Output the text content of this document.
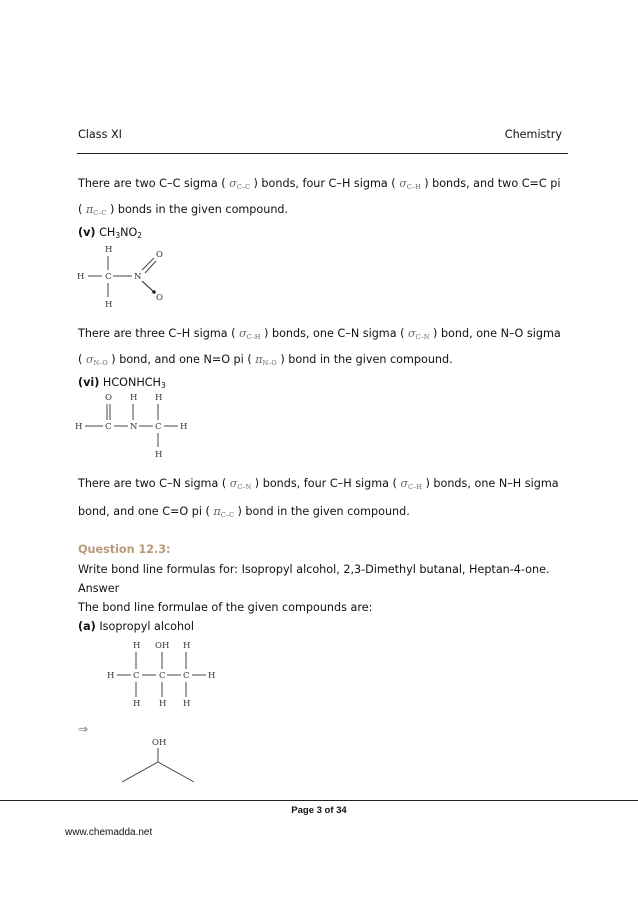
Class XI	Chemistry
There are two C–C sigma ( $\sigma_{C-C}$ ) bonds, four C–H sigma ( $\sigma_{C-H}$ ) bonds, and two C=C pi
( $\pi_{C-C}$ ) bonds in the given compound.
(v) $CH_3NO_2$
H
H C	N
O
O
H
There are three C–H sigma ( $\sigma_{C-H}$ ) bonds, one C–N sigma ( $\sigma_{C-N}$ ) bond, one N–O sigma
( $\sigma_{N-O}$ ) bond, and one N=O pi ( $\pi_{N-O}$ ) bond in the given compound.
(vi) $HCONHCH_3$
O H H
H	C N C H
H
There are two C–N sigma ( $\sigma_{C-N}$ ) bonds, four C–H sigma ( $\sigma_{C-H}$ ) bonds, one N–H sigma
bond, and one C=O pi ( $\pi_{C-C}$ ) bond in the given compound.
Question 12.3:
Write bond line formulas for: Isopropyl alcohol, 2,3-Dimethyl butanal, Heptan-4-one.
Answer
The bond line formulae of the given compounds are:
(a) Isopropyl alcohol
H OH H
H C C C H
H H H
⇒
OH
Page 3 of 34
www.chemadda.net
